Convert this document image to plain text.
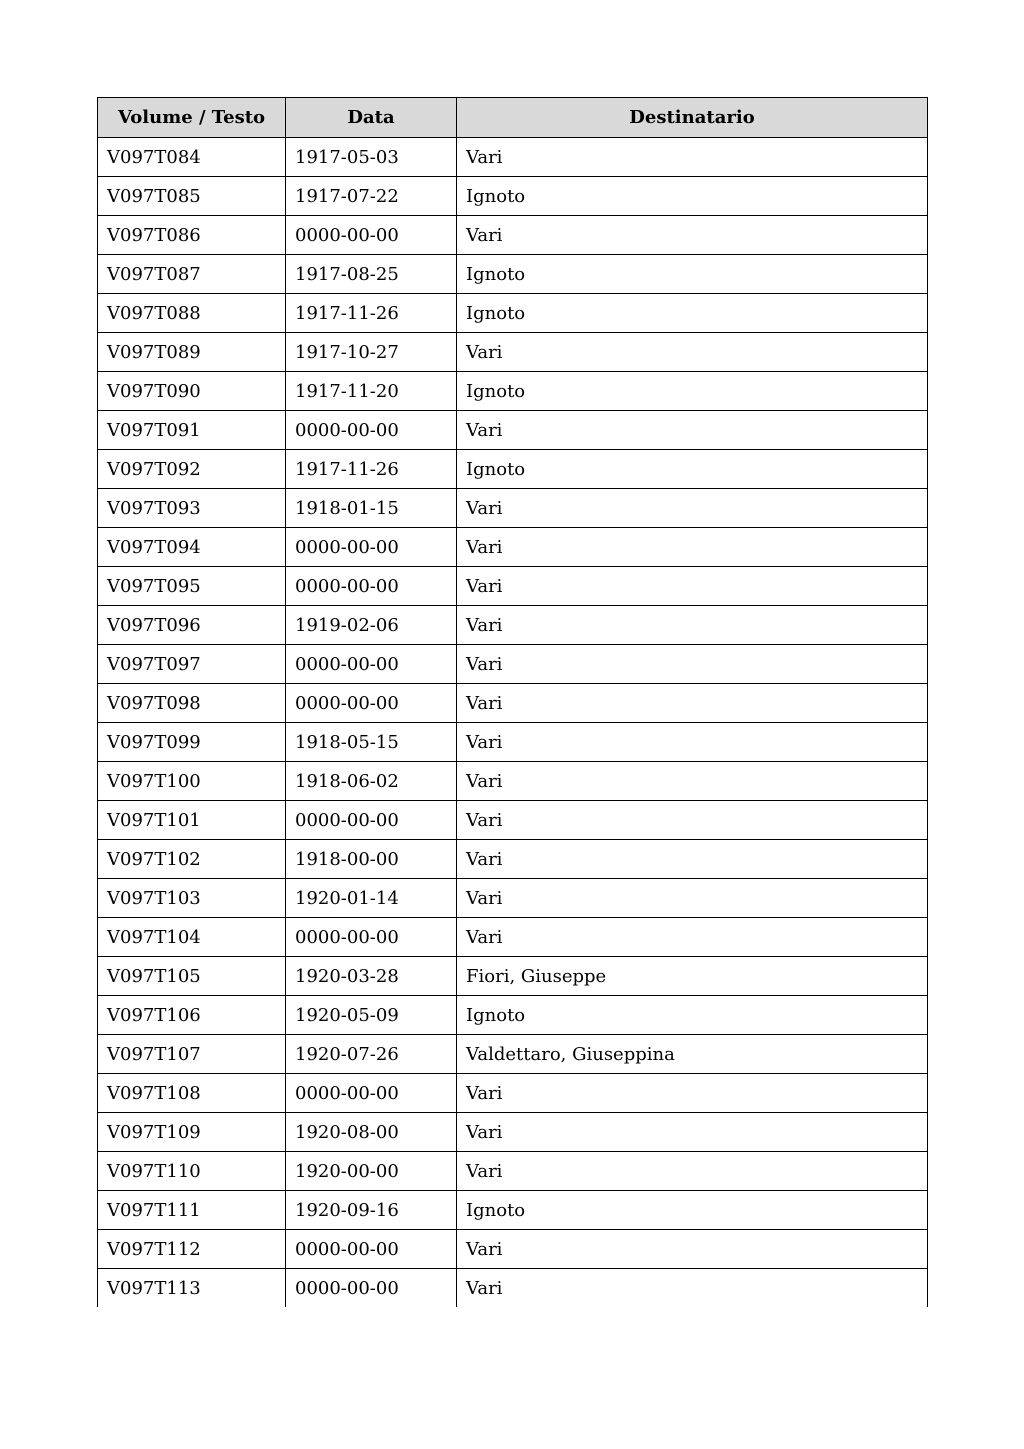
Volume / Testo	Data	Destinatario
V097T084	1917-05-03	Vari
V097T085	1917-07-22	Ignoto
V097T086	0000-00-00	Vari
V097T087	1917-08-25	Ignoto
V097T088	1917-11-26	Ignoto
V097T089	1917-10-27	Vari
V097T090	1917-11-20	Ignoto
V097T091	0000-00-00	Vari
V097T092	1917-11-26	Ignoto
V097T093	1918-01-15	Vari
V097T094	0000-00-00	Vari
V097T095	0000-00-00	Vari
V097T096	1919-02-06	Vari
V097T097	0000-00-00	Vari
V097T098	0000-00-00	Vari
V097T099	1918-05-15	Vari
V097T100	1918-06-02	Vari
V097T101	0000-00-00	Vari
V097T102	1918-00-00	Vari
V097T103	1920-01-14	Vari
V097T104	0000-00-00	Vari
V097T105	1920-03-28	Fiori, Giuseppe
V097T106	1920-05-09	Ignoto
V097T107	1920-07-26	Valdettaro, Giuseppina
V097T108	0000-00-00	Vari
V097T109	1920-08-00	Vari
V097T110	1920-00-00	Vari
V097T111	1920-09-16	Ignoto
V097T112	0000-00-00	Vari
V097T113	0000-00-00	Vari
